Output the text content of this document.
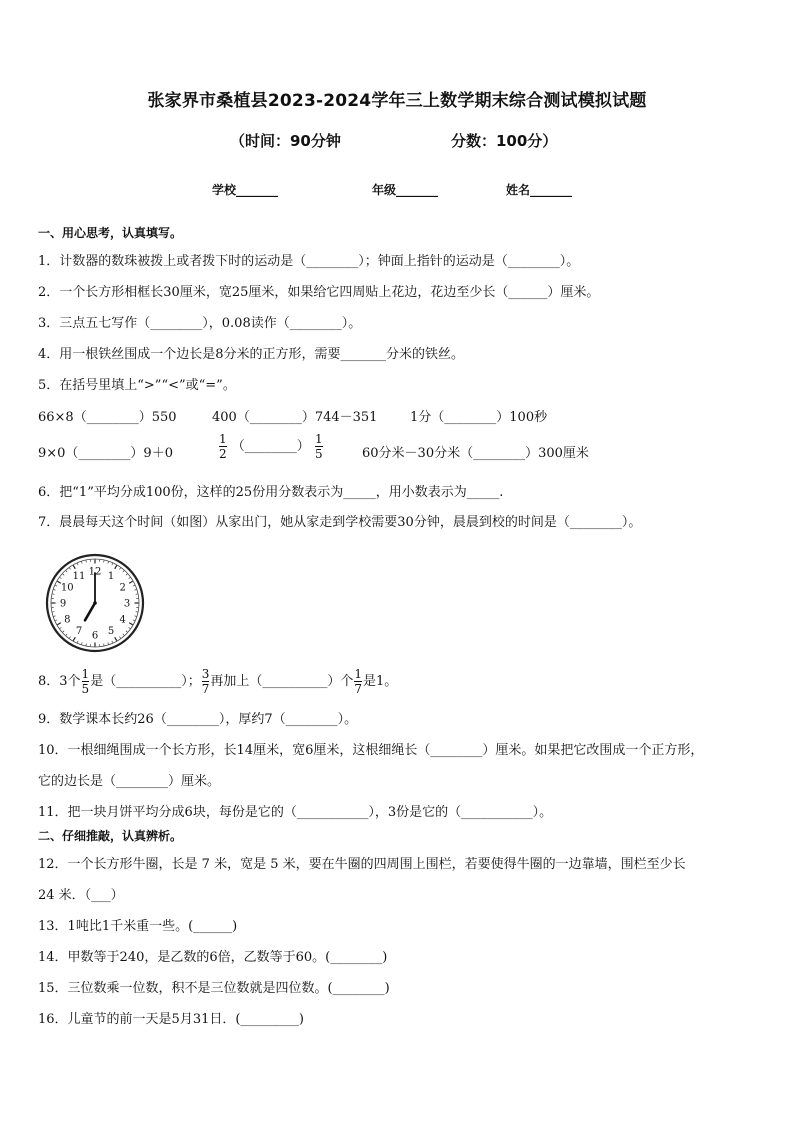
张家界市桑植县2023-2024学年三上数学期末综合测试模拟试题
（时间：90分钟	分数：100分）
学校_______	年级_______	姓名_______
一、用心思考，认真填写。
1．计数器的数珠被拨上或者拨下时的运动是（________）；钟面上指针的运动是（________）。
2．一个长方形相框长30厘米，宽25厘米，如果给它四周贴上花边，花边至少长（______）厘米。
3．三点五七写作（________），0.08读作（________）。
4．用一根铁丝围成一个边长是8分米的正方形，需要_______分米的铁丝。
5．在括号里填上“>”“<”或“=”。
66×8（________）550	400（________）744－351	1分（________）100秒
9×0（________）9＋0	$\frac{1}{2}$ （________） $\frac{1}{5}$	60分米－30分米（________）300厘米
6．把“1”平均分成100份，这样的25份用分数表示为_____，用小数表示为_____.
7．晨晨每天这个时间（如图）从家出门，她从家走到学校需要30分钟，晨晨到校的时间是（________）。
12 1
2
3
4
5
6
7
8
9
10
11
8．3个 $\frac{1}{5}$ 是（__________）； $\frac{3}{7}$ 再加上（__________）个 $\frac{1}{7}$ 是1。
9．数学课本长约26（________），厚约7（________）。
10．一根细绳围成一个长方形，长14厘米，宽6厘米，这根细绳长（________）厘米。如果把它改围成一个正方形，
它的边长是（________）厘米。
11．把一块月饼平均分成6块，每份是它的（___________），3份是它的（___________）。
二、仔细推敲，认真辨析。
12．一个长方形牛圈，长是 7 米，宽是 5 米，要在牛圈的四周围上围栏，若要使得牛圈的一边靠墙，围栏至少长
24 米．（___）
13．1吨比1千米重一些。(______)
14．甲数等于240，是乙数的6倍，乙数等于60。(________)
15．三位数乘一位数，积不是三位数就是四位数。(________)
16．儿童节的前一天是5月31日．(_________)
